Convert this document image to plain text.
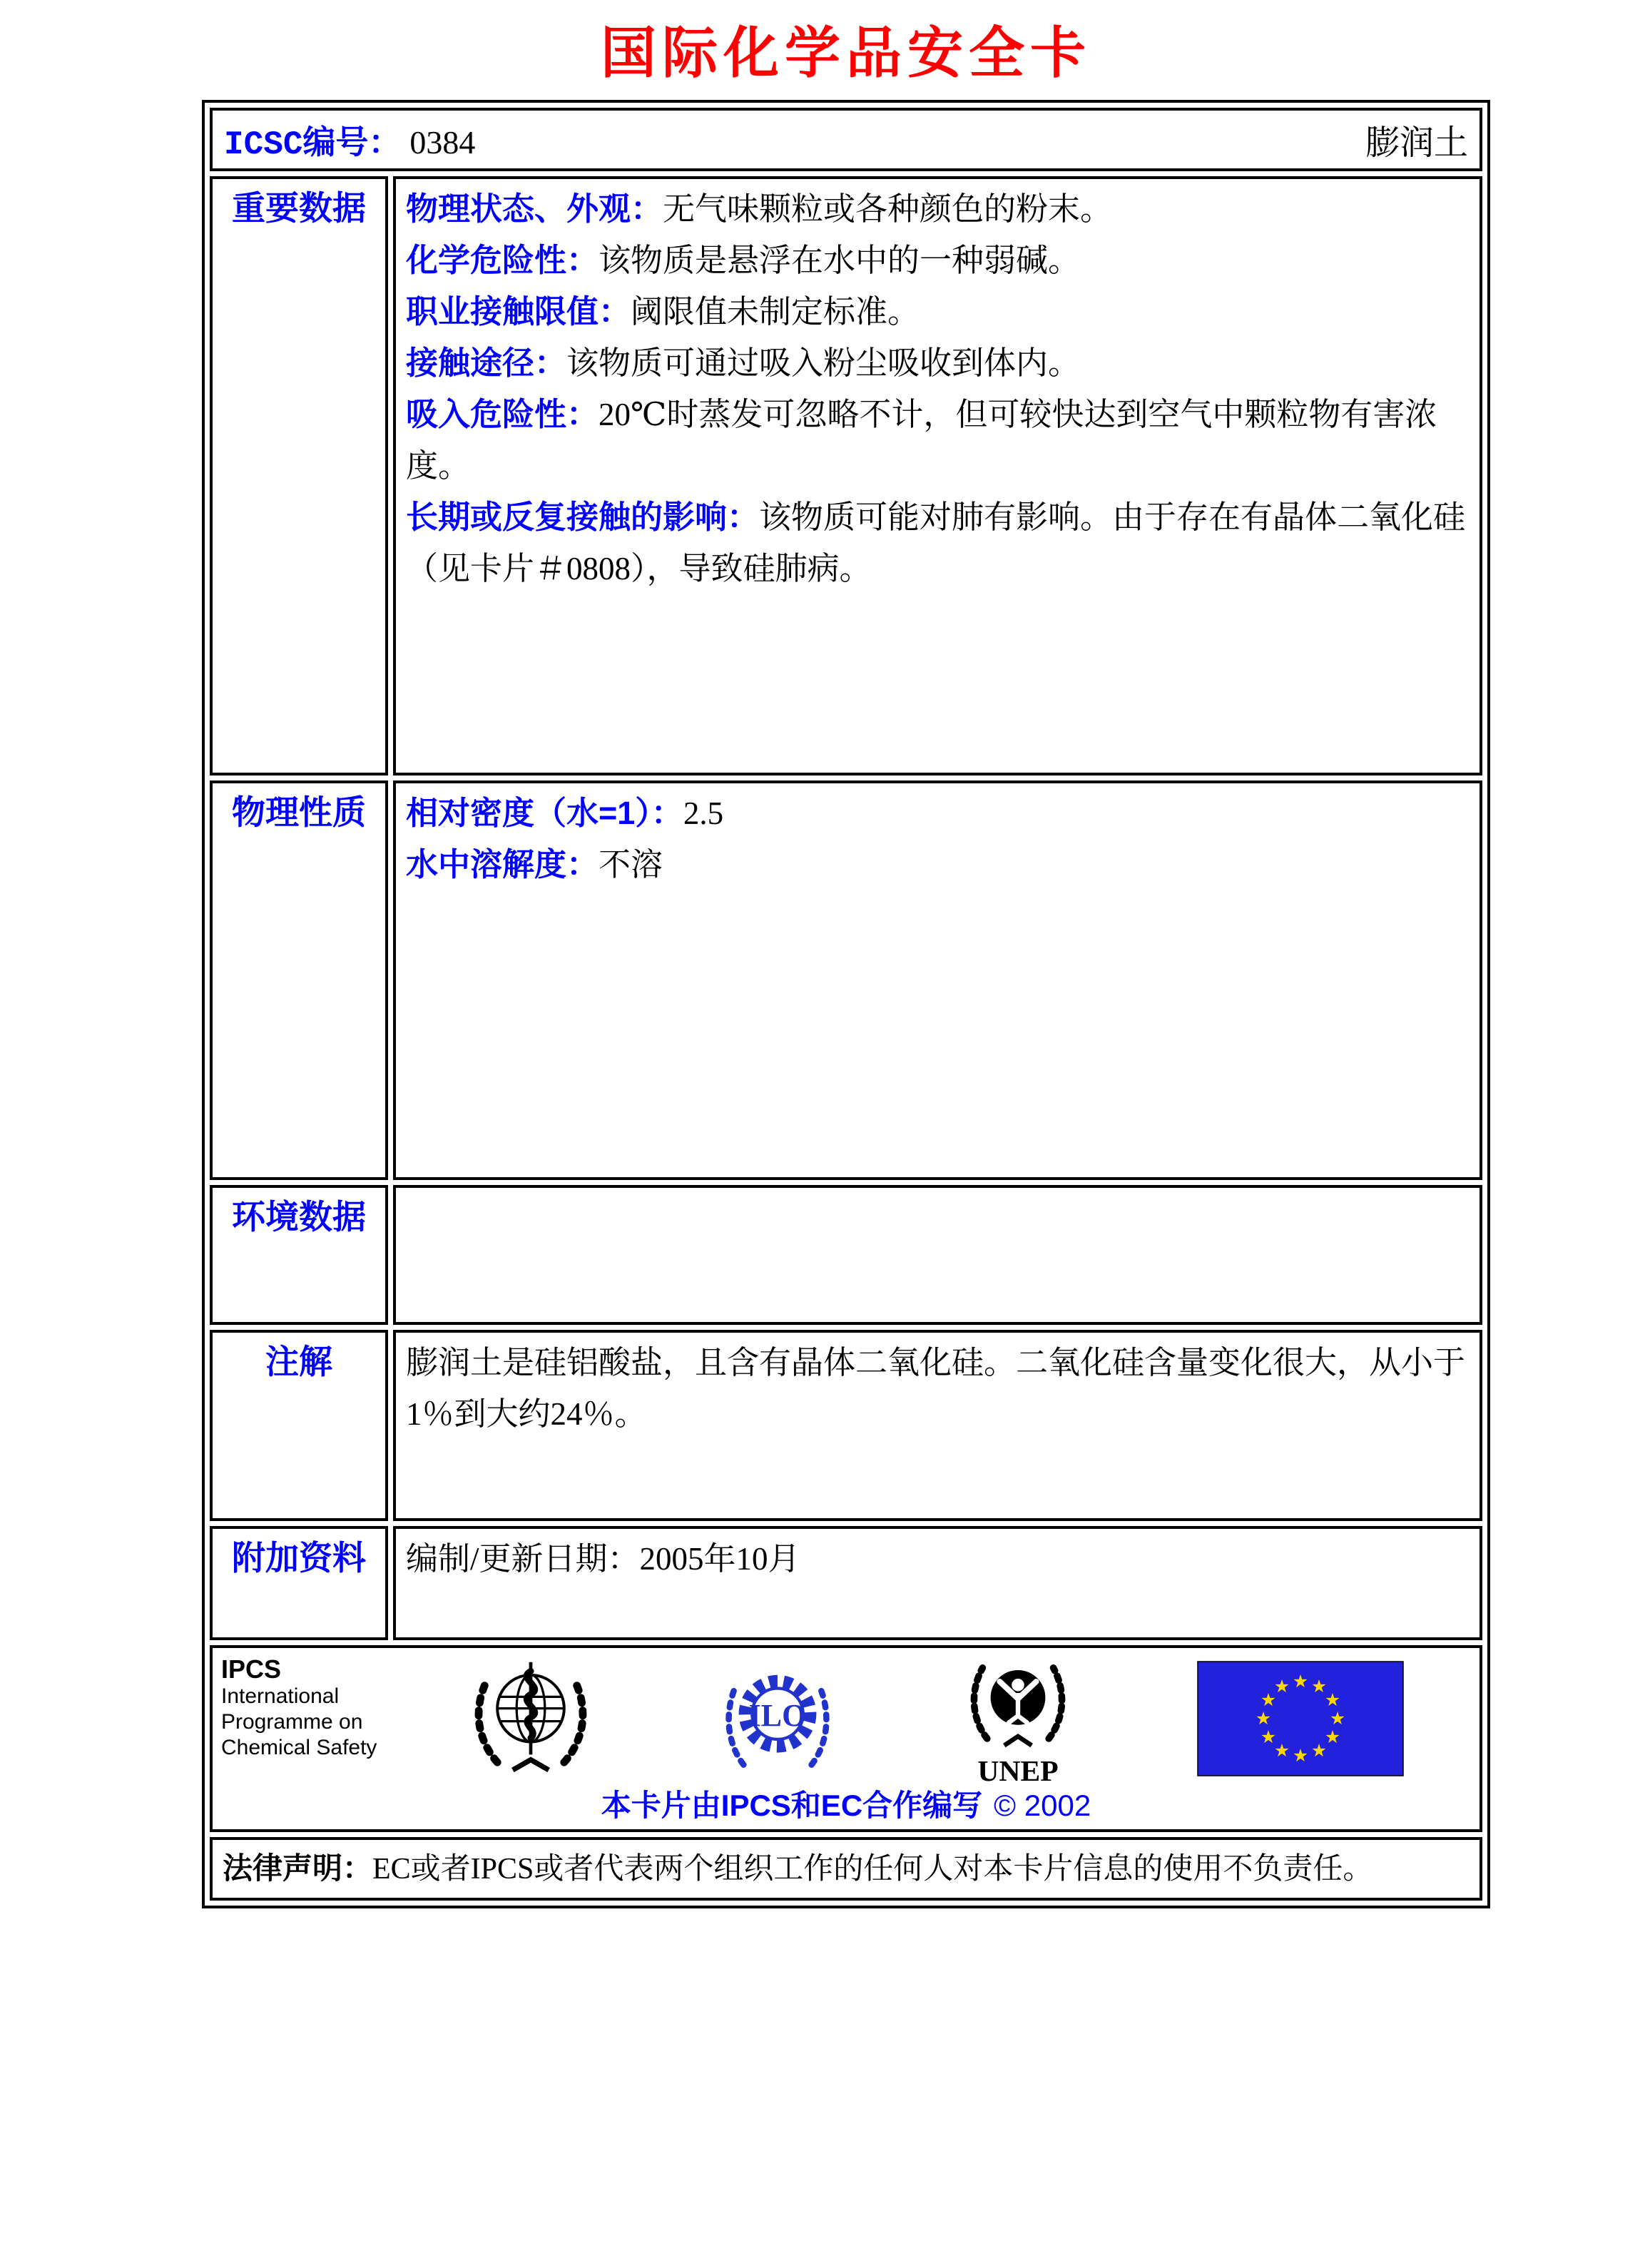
国际化学品安全卡
ICSC编号： 0384 膨润土	

重要数据	物理状态、外观：无气味颗粒或各种颜色的粉末。

化学危险性：该物质是悬浮在水中的一种弱碱。

职业接触限值：阈限值未制定标准。

接触途径：该物质可通过吸入粉尘吸收到体内。

吸入危险性：20℃时蒸发可忽略不计，但可较快达到空气中颗粒物有害浓度。

长期或反复接触的影响：该物质可能对肺有影响。由于存在有晶体二氧化硅（见卡片＃0808），导致硅肺病。

物理性质	相对密度（水=1）：2.5

水中溶解度：不溶

环境数据	
注解	膨润土是硅铝酸盐，且含有晶体二氧化硅。二氧化硅含量变化很大，从小于1％到大约24％。
附加资料	编制/更新日期：2005年10月

IPCS
International
Programme on
Chemical Safety
ILO
UNEP
本卡片由IPCS和EC合作编写 © 2002

法律声明：EC或者IPCS或者代表两个组织工作的任何人对本卡片信息的使用不负责任。	
